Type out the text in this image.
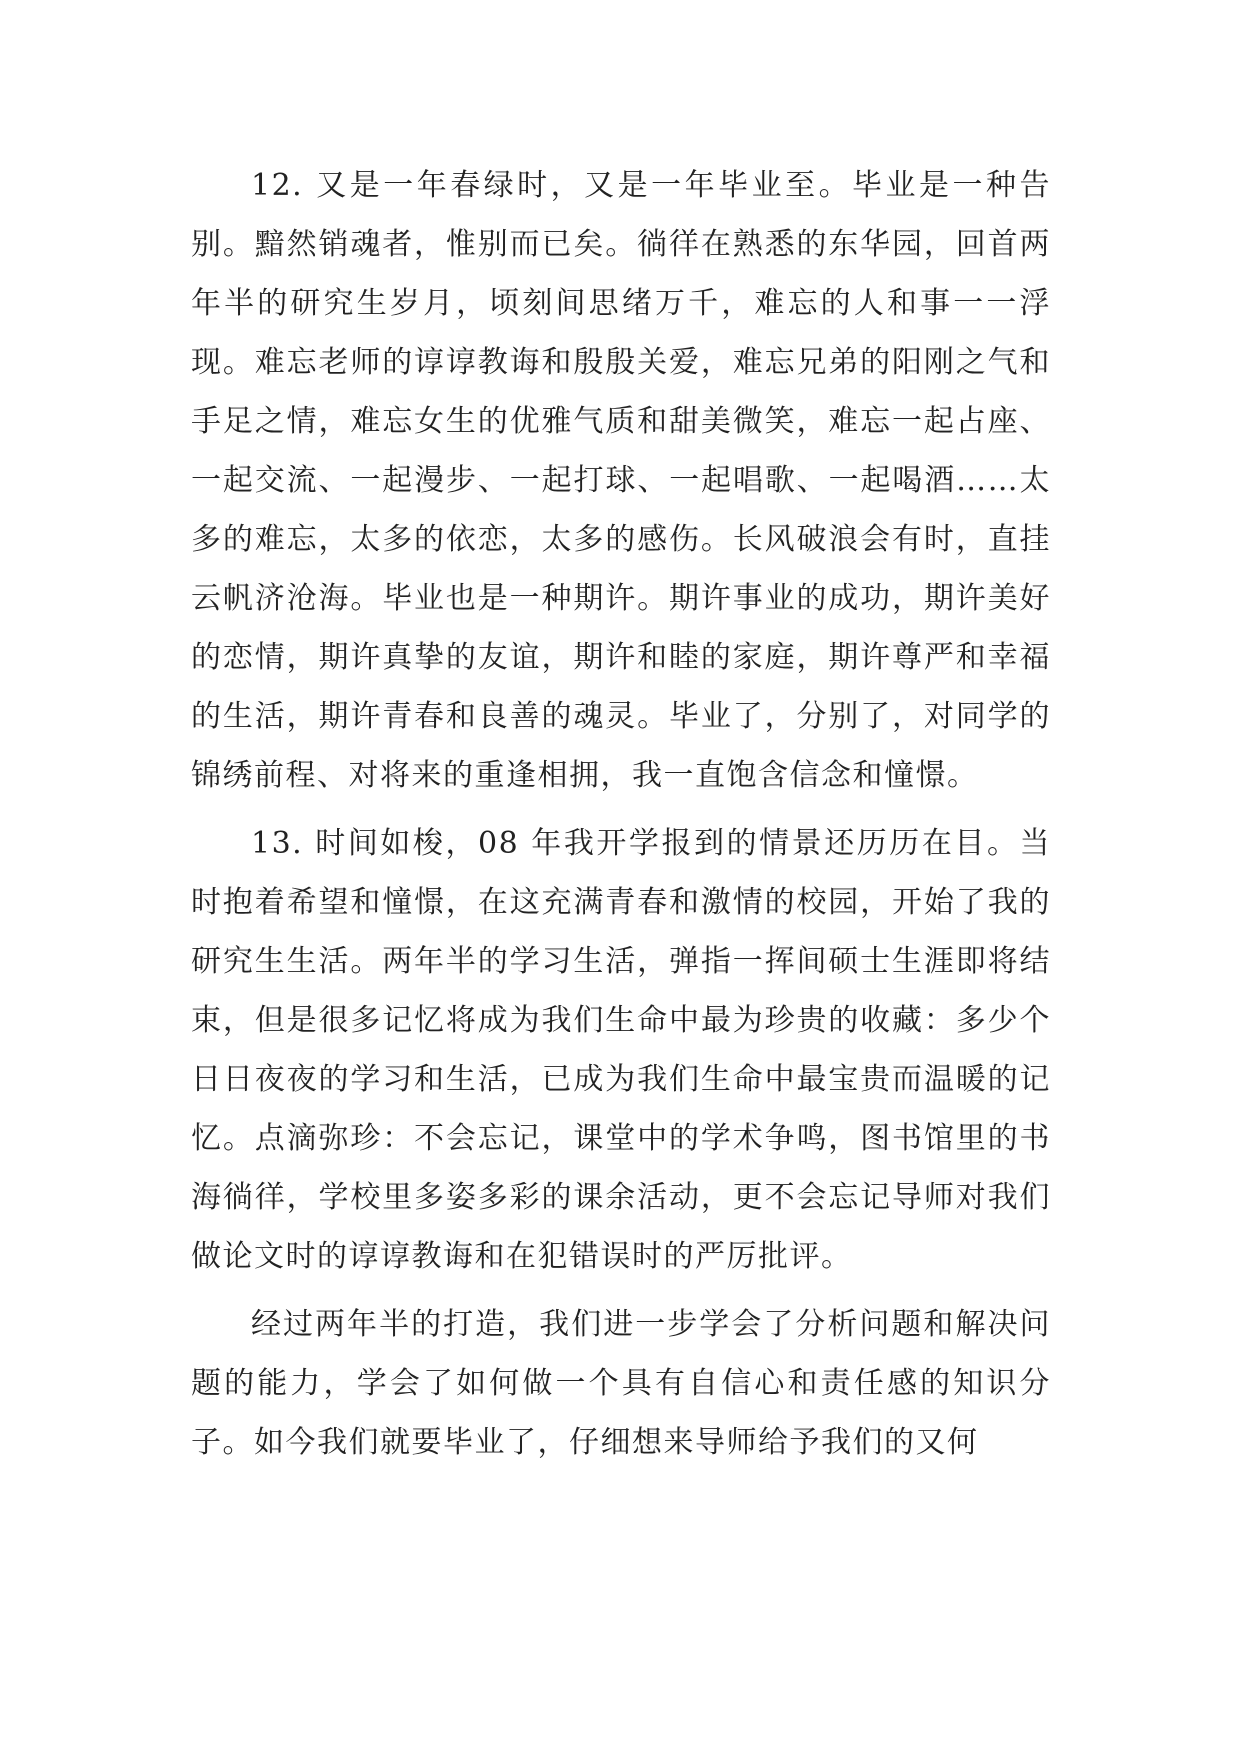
12. 又是一年春绿时，又是一年毕业至。毕业是一种告别。黯然销魂者，惟别而已矣。徜徉在熟悉的东华园，回首两年半的研究生岁月，顷刻间思绪万千，难忘的人和事一一浮现。难忘老师的谆谆教诲和殷殷关爱，难忘兄弟的阳刚之气和手足之情，难忘女生的优雅气质和甜美微笑，难忘一起占座、一起交流、一起漫步、一起打球、一起唱歌、一起喝酒……太多的难忘，太多的依恋，太多的感伤。长风破浪会有时，直挂云帆济沧海。毕业也是一种期许。期许事业的成功，期许美好的恋情，期许真挚的友谊，期许和睦的家庭，期许尊严和幸福的生活，期许青春和良善的魂灵。毕业了，分别了，对同学的锦绣前程、对将来的重逢相拥，我一直饱含信念和憧憬。

13. 时间如梭，08 年我开学报到的情景还历历在目。当时抱着希望和憧憬，在这充满青春和激情的校园，开始了我的研究生生活。两年半的学习生活，弹指一挥间硕士生涯即将结束，但是很多记忆将成为我们生命中最为珍贵的收藏：多少个日日夜夜的学习和生活，已成为我们生命中最宝贵而温暖的记忆。点滴弥珍：不会忘记，课堂中的学术争鸣，图书馆里的书海徜徉，学校里多姿多彩的课余活动，更不会忘记导师对我们做论文时的谆谆教诲和在犯错误时的严厉批评。

经过两年半的打造，我们进一步学会了分析问题和解决问题的能力，学会了如何做一个具有自信心和责任感的知识分子。如今我们就要毕业了，仔细想来导师给予我们的又何
